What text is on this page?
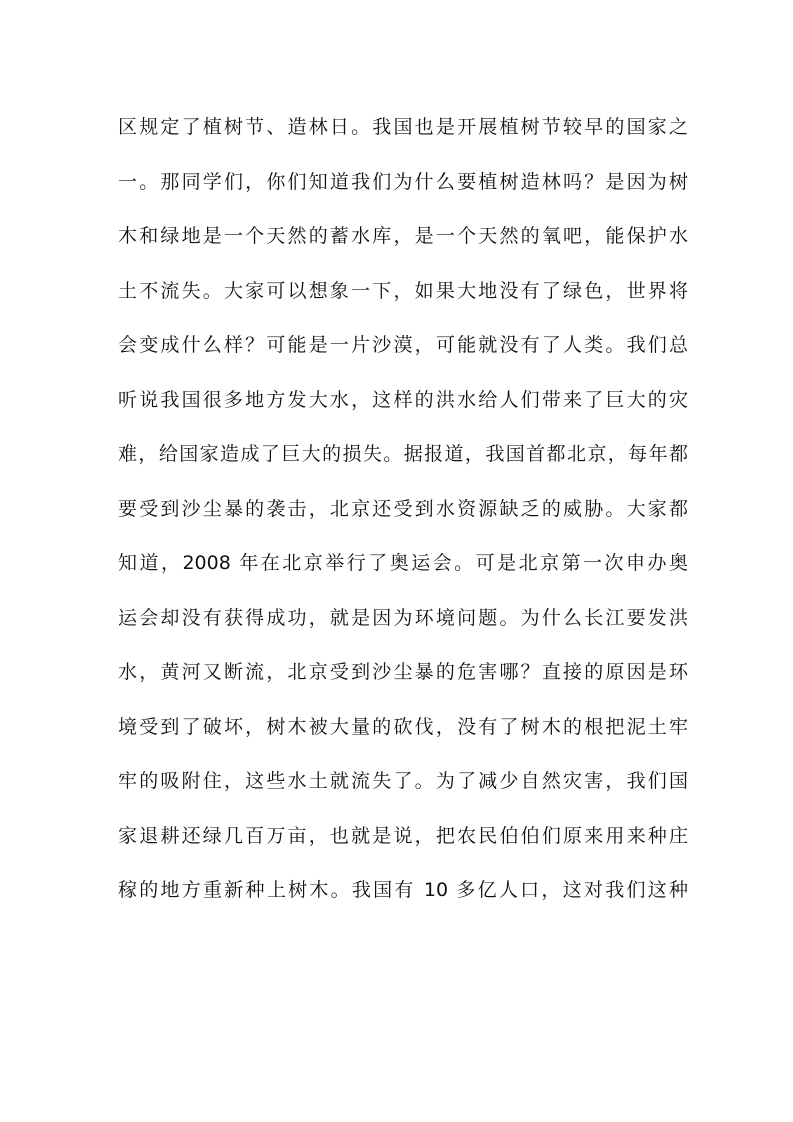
区规定了植树节、造林日。我国也是开展植树节较早的国家之
一。那同学们，你们知道我们为什么要植树造林吗？是因为树
木和绿地是一个天然的蓄水库，是一个天然的氧吧，能保护水
土不流失。大家可以想象一下，如果大地没有了绿色，世界将
会变成什么样？可能是一片沙漠，可能就没有了人类。我们总
听说我国很多地方发大水，这样的洪水给人们带来了巨大的灾
难，给国家造成了巨大的损失。据报道，我国首都北京，每年都
要受到沙尘暴的袭击，北京还受到水资源缺乏的威胁。大家都
知道，2008 年在北京举行了奥运会。可是北京第一次申办奥
运会却没有获得成功，就是因为环境问题。为什么长江要发洪
水，黄河又断流，北京受到沙尘暴的危害哪？直接的原因是环
境受到了破坏，树木被大量的砍伐，没有了树木的根把泥土牢
牢的吸附住，这些水土就流失了。为了减少自然灾害，我们国
家退耕还绿几百万亩，也就是说，把农民伯伯们原来用来种庄
稼的地方重新种上树木。我国有 10 多亿人口，这对我们这种
